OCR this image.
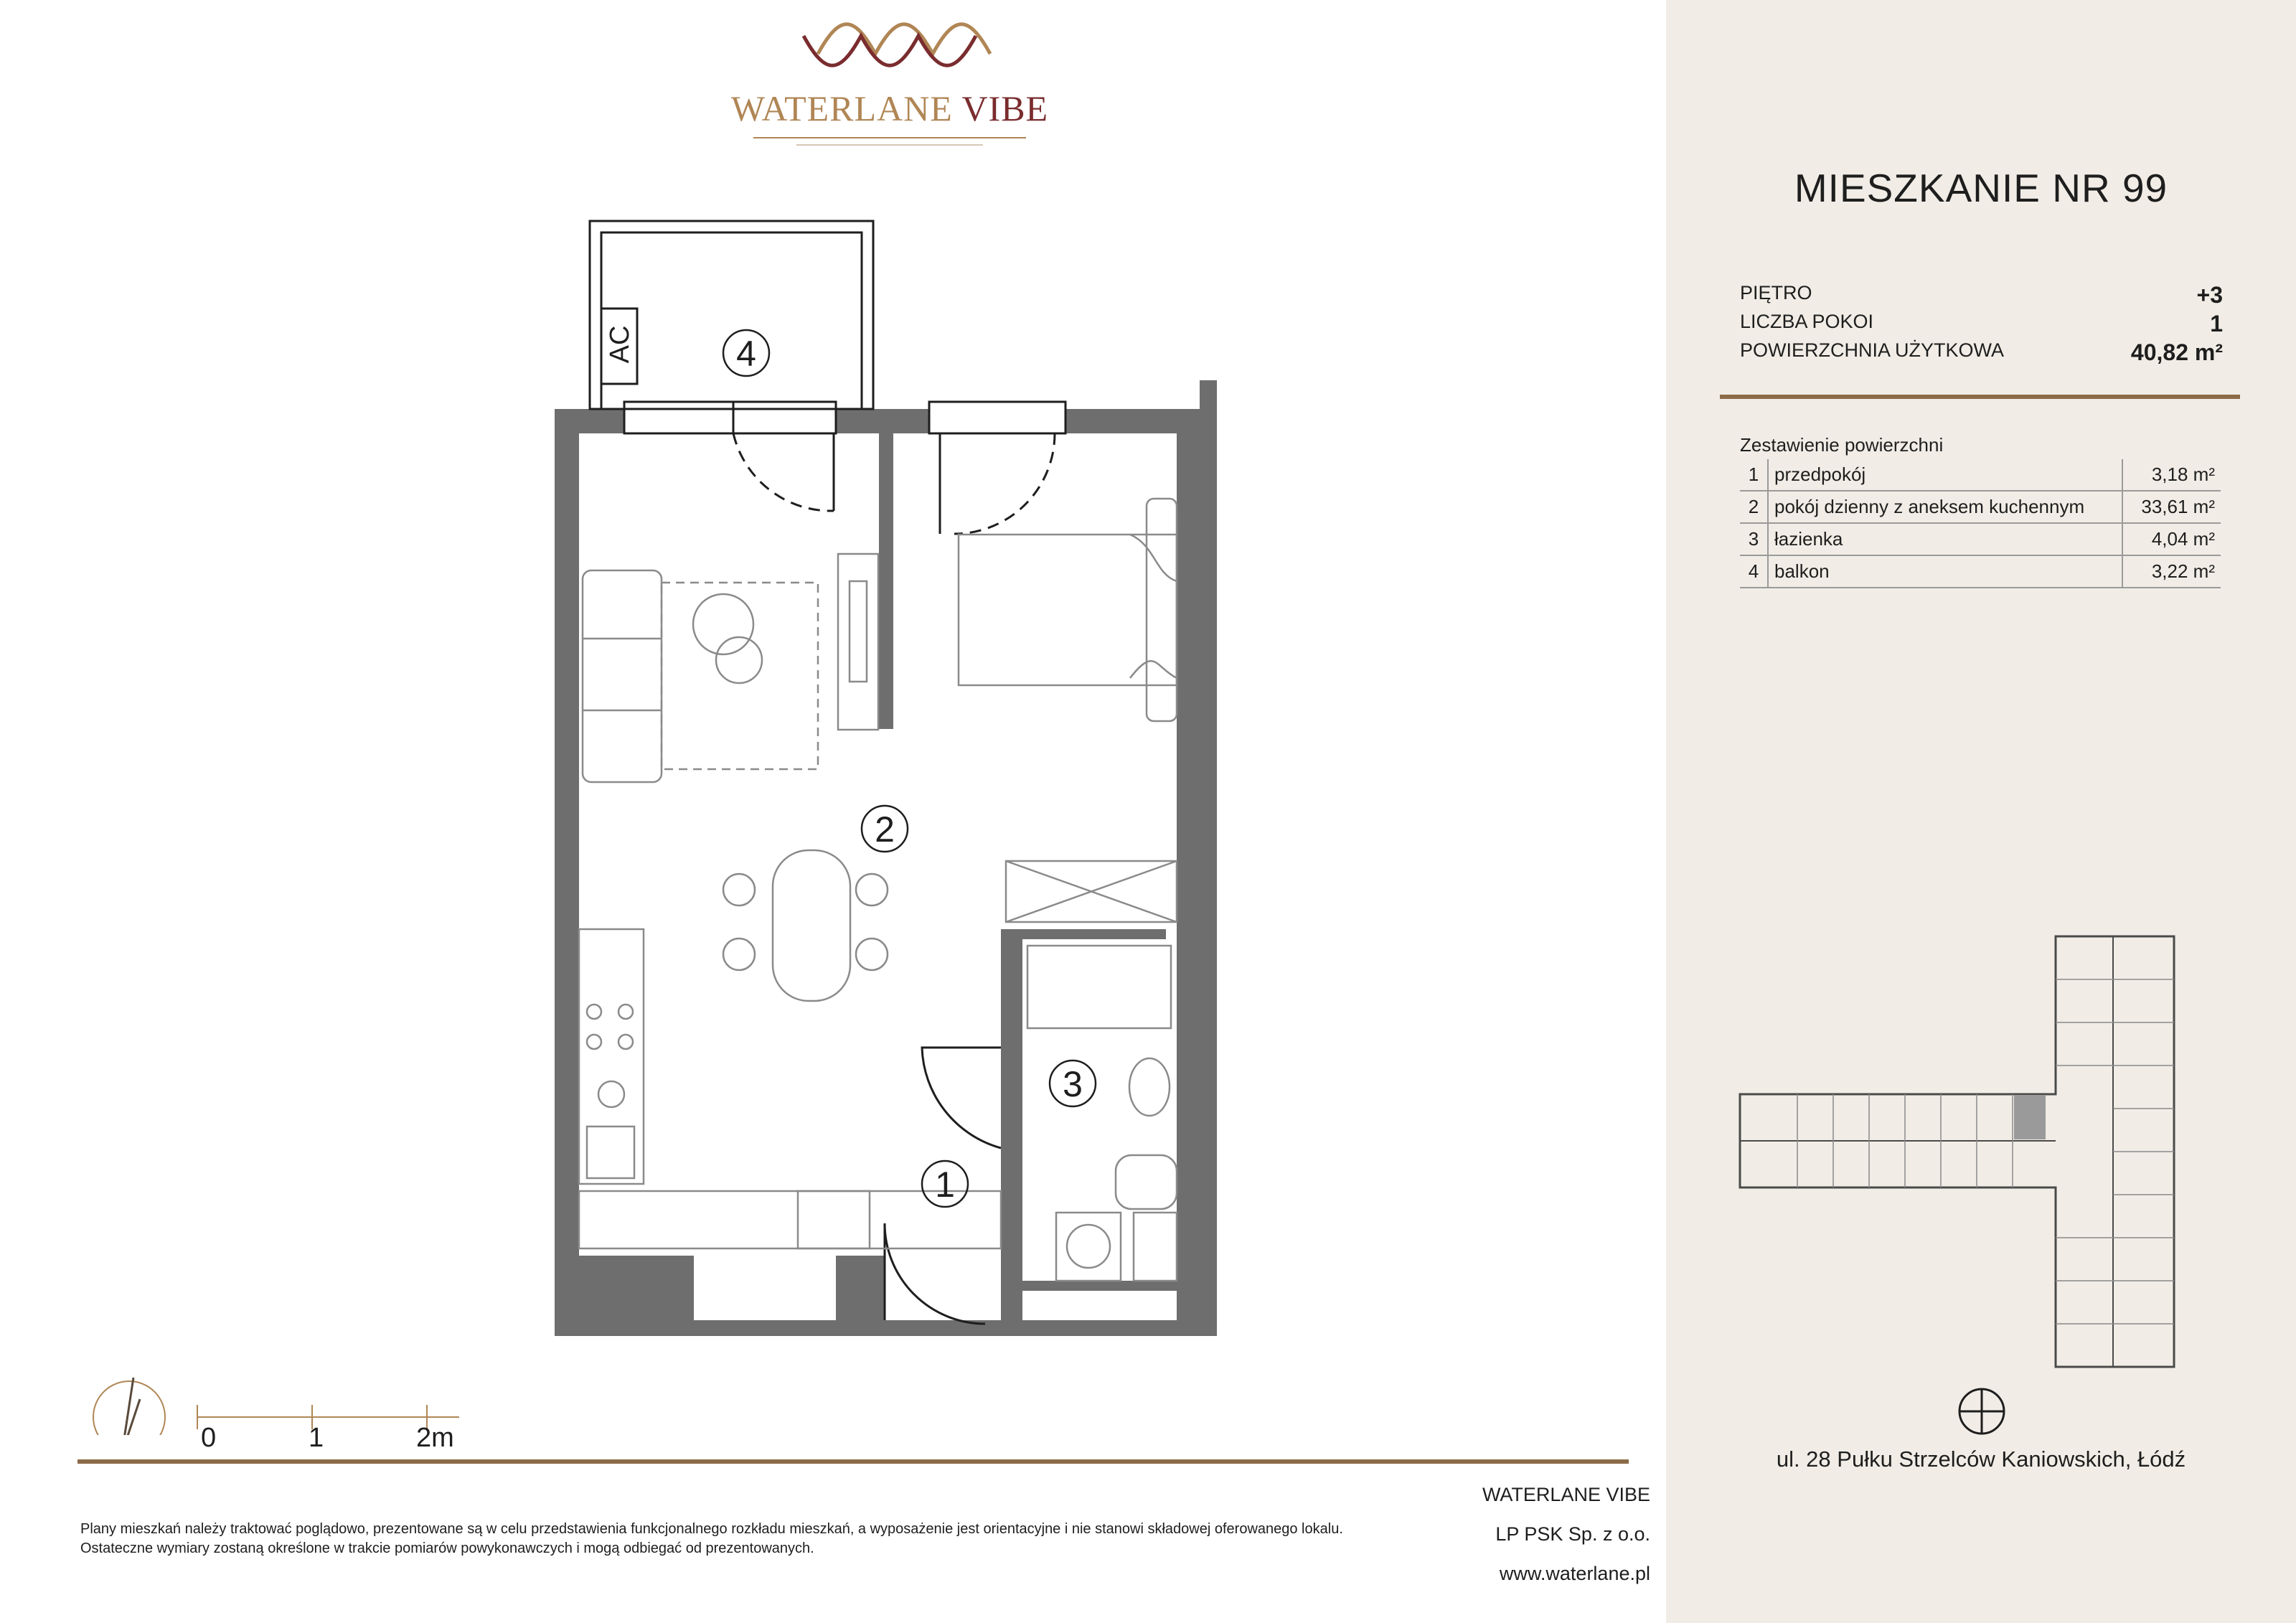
WATERLANE VIBE
4
2
3
1
AC
0	1	2m
Plany mieszkań należy traktować poglądowo, prezentowane są w celu przedstawienia funkcjonalnego rozkładu mieszkań, a wyposażenie jest orientacyjne i nie stanowi składowej oferowanego lokalu.
Ostateczne wymiary zostaną określone w trakcie pomiarów powykonawczych i mogą odbiegać od prezentowanych.
WATERLANE VIBE
LP PSK Sp. z o.o.
www.waterlane.pl
MIESZKANIE NR 99
PIĘTRO	+3
LICZBA POKOI	1
POWIERZCHNIA UŻYTKOWA	40,82 m²
Zestawienie powierzchni
1	przedpokój	3,18 m²
2	pokój dzienny z aneksem kuchennym	33,61 m²
3	łazienka	4,04 m²
4	balkon	3,22 m²
ul. 28 Pułku Strzelców Kaniowskich, Łódź
